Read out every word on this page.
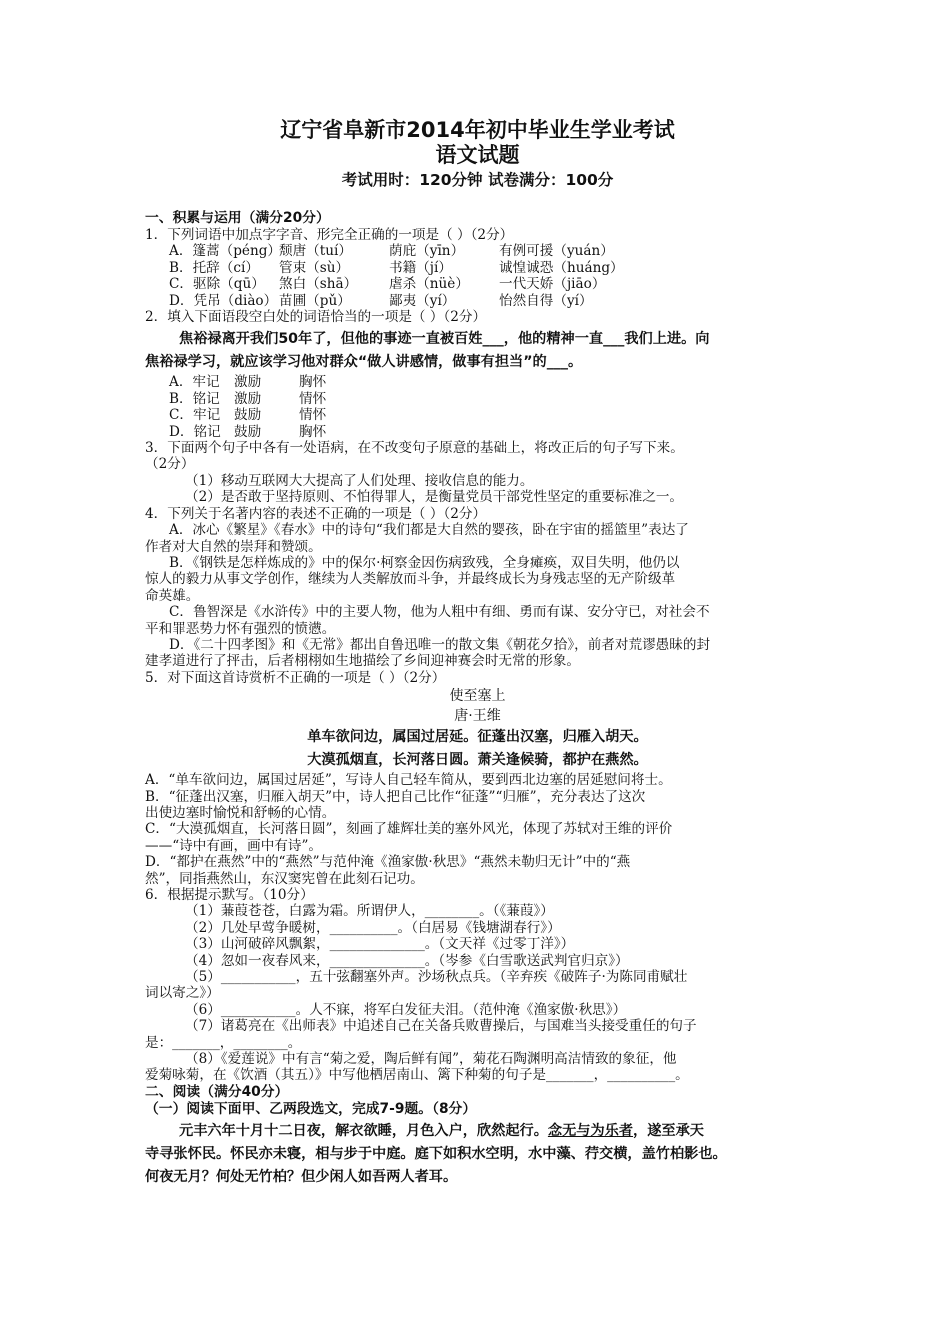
辽宁省阜新市2014年初中毕业生学业考试
语文试题
考试用时：120分钟 试卷满分：100分
一、积累与运用（满分20分）
1．下列词语中加点字字音、形完全正确的一项是（ ）（2分）
A．篷蒿（péng）颓唐（tuí）	荫庇（yīn）	有例可援（yuán）
B．托辞（cí） 管束（sù）	书籍（jí）	诚惶诚恐（huáng）
C．驱除（qū） 煞白（shā） 虐杀（nüè） 一代天娇（jiāo）
D．凭吊（diào） 苗圃（pǔ）	鄙夷（yí）	怡然自得（yí）
2．填入下面语段空白处的词语恰当的一项是（ ）（2分）
焦裕禄离开我们50年了，但他的事迹一直被百姓___，他的精神一直___我们上进。向
焦裕禄学习，就应该学习他对群众“做人讲感情，做事有担当”的___。
A．牢记 激励	胸怀
B．铭记 激励	情怀
C．牢记 鼓励	情怀
D．铭记 鼓励	胸怀
3．下面两个句子中各有一处语病，在不改变句子原意的基础上，将改正后的句子写下来。
（2分）
（1）移动互联网大大提高了人们处理、接收信息的能力。
（2）是否敢于坚持原则、不怕得罪人，是衡量党员干部党性坚定的重要标准之一。
4．下列关于名著内容的表述不正确的一项是（ ）（2分）
A．冰心《繁星》《春水》中的诗句“我们都是大自然的婴孩，卧在宇宙的摇篮里”表达了
作者对大自然的崇拜和赞颂。
B．《钢铁是怎样炼成的》中的保尔·柯察金因伤病致残，全身瘫痪，双目失明，他仍以
惊人的毅力从事文学创作，继续为人类解放而斗争，并最终成长为身残志坚的无产阶级革
命英雄。
C．鲁智深是《水浒传》中的主要人物，他为人粗中有细、勇而有谋、安分守已，对社会不
平和罪恶势力怀有强烈的愤懑。
D．《二十四孝图》和《无常》都出自鲁迅唯一的散文集《朝花夕拾》，前者对荒谬愚昧的封
建孝道进行了抨击，后者栩栩如生地描绘了乡间迎神赛会时无常的形象。
5．对下面这首诗赏析不正确的一项是（ ）（2分）
使至塞上
唐·王维
单车欲问边，属国过居延。征蓬出汉塞，归雁入胡天。
大漠孤烟直，长河落日圆。萧关逢候骑，都护在燕然。
A．“单车欲问边，属国过居延”，写诗人自己轻车简从，要到西北边塞的居延慰问将士。
B．“征蓬出汉塞，归雁入胡天”中，诗人把自己比作“征蓬”“归雁”，充分表达了这次
出使边塞时愉悦和舒畅的心情。
C．“大漠孤烟直，长河落日圆”，刻画了雄辉壮美的塞外风光，体现了苏轼对王维的评价
——“诗中有画，画中有诗”。
D．“都护在燕然”中的“燕然”与范仲淹《渔家傲·秋思》“燕然未勒归无计”中的“燕
然”，同指燕然山，东汉窦宪曾在此刻石记功。
6．根据提示默写。（10分）
（1）蒹葭苍苍，白露为霜。所谓伊人，________。（《蒹葭》）
（2）几处早莺争暖树，__________。（白居易《钱塘湖春行》）
（3）山河破碎风飘絮，______________。（文天祥《过零丁洋》）
（4）忽如一夜春风来，______________。（岑参《白雪歌送武判官归京》）
（5）___________，五十弦翻塞外声。沙场秋点兵。（辛弃疾《破阵子·为陈同甫赋壮
词以寄之》）
（6）___________。人不寐，将军白发征夫泪。（范仲淹《渔家傲·秋思》）
（7）诸葛亮在《出师表》中追述自己在关备兵败曹操后，与国难当头接受重任的句子
是：_______，________。
（8）《爱莲说》中有言“菊之爱，陶后鲜有闻”，菊花石陶渊明高洁情致的象征，他
爱菊咏菊，在《饮酒（其五）》中写他栖居南山、篱下种菊的句子是_______，__________。
二、阅读（满分40分）
（一）阅读下面甲、乙两段选文，完成7-9题。（8分）
元丰六年十月十二日夜，解衣欲睡，月色入户，欣然起行。念无与为乐者，遂至承天
寺寻张怀民。怀民亦未寝，相与步于中庭。庭下如积水空明，水中藻、荇交横，盖竹柏影也。
何夜无月？何处无竹柏？但少闲人如吾两人者耳。
